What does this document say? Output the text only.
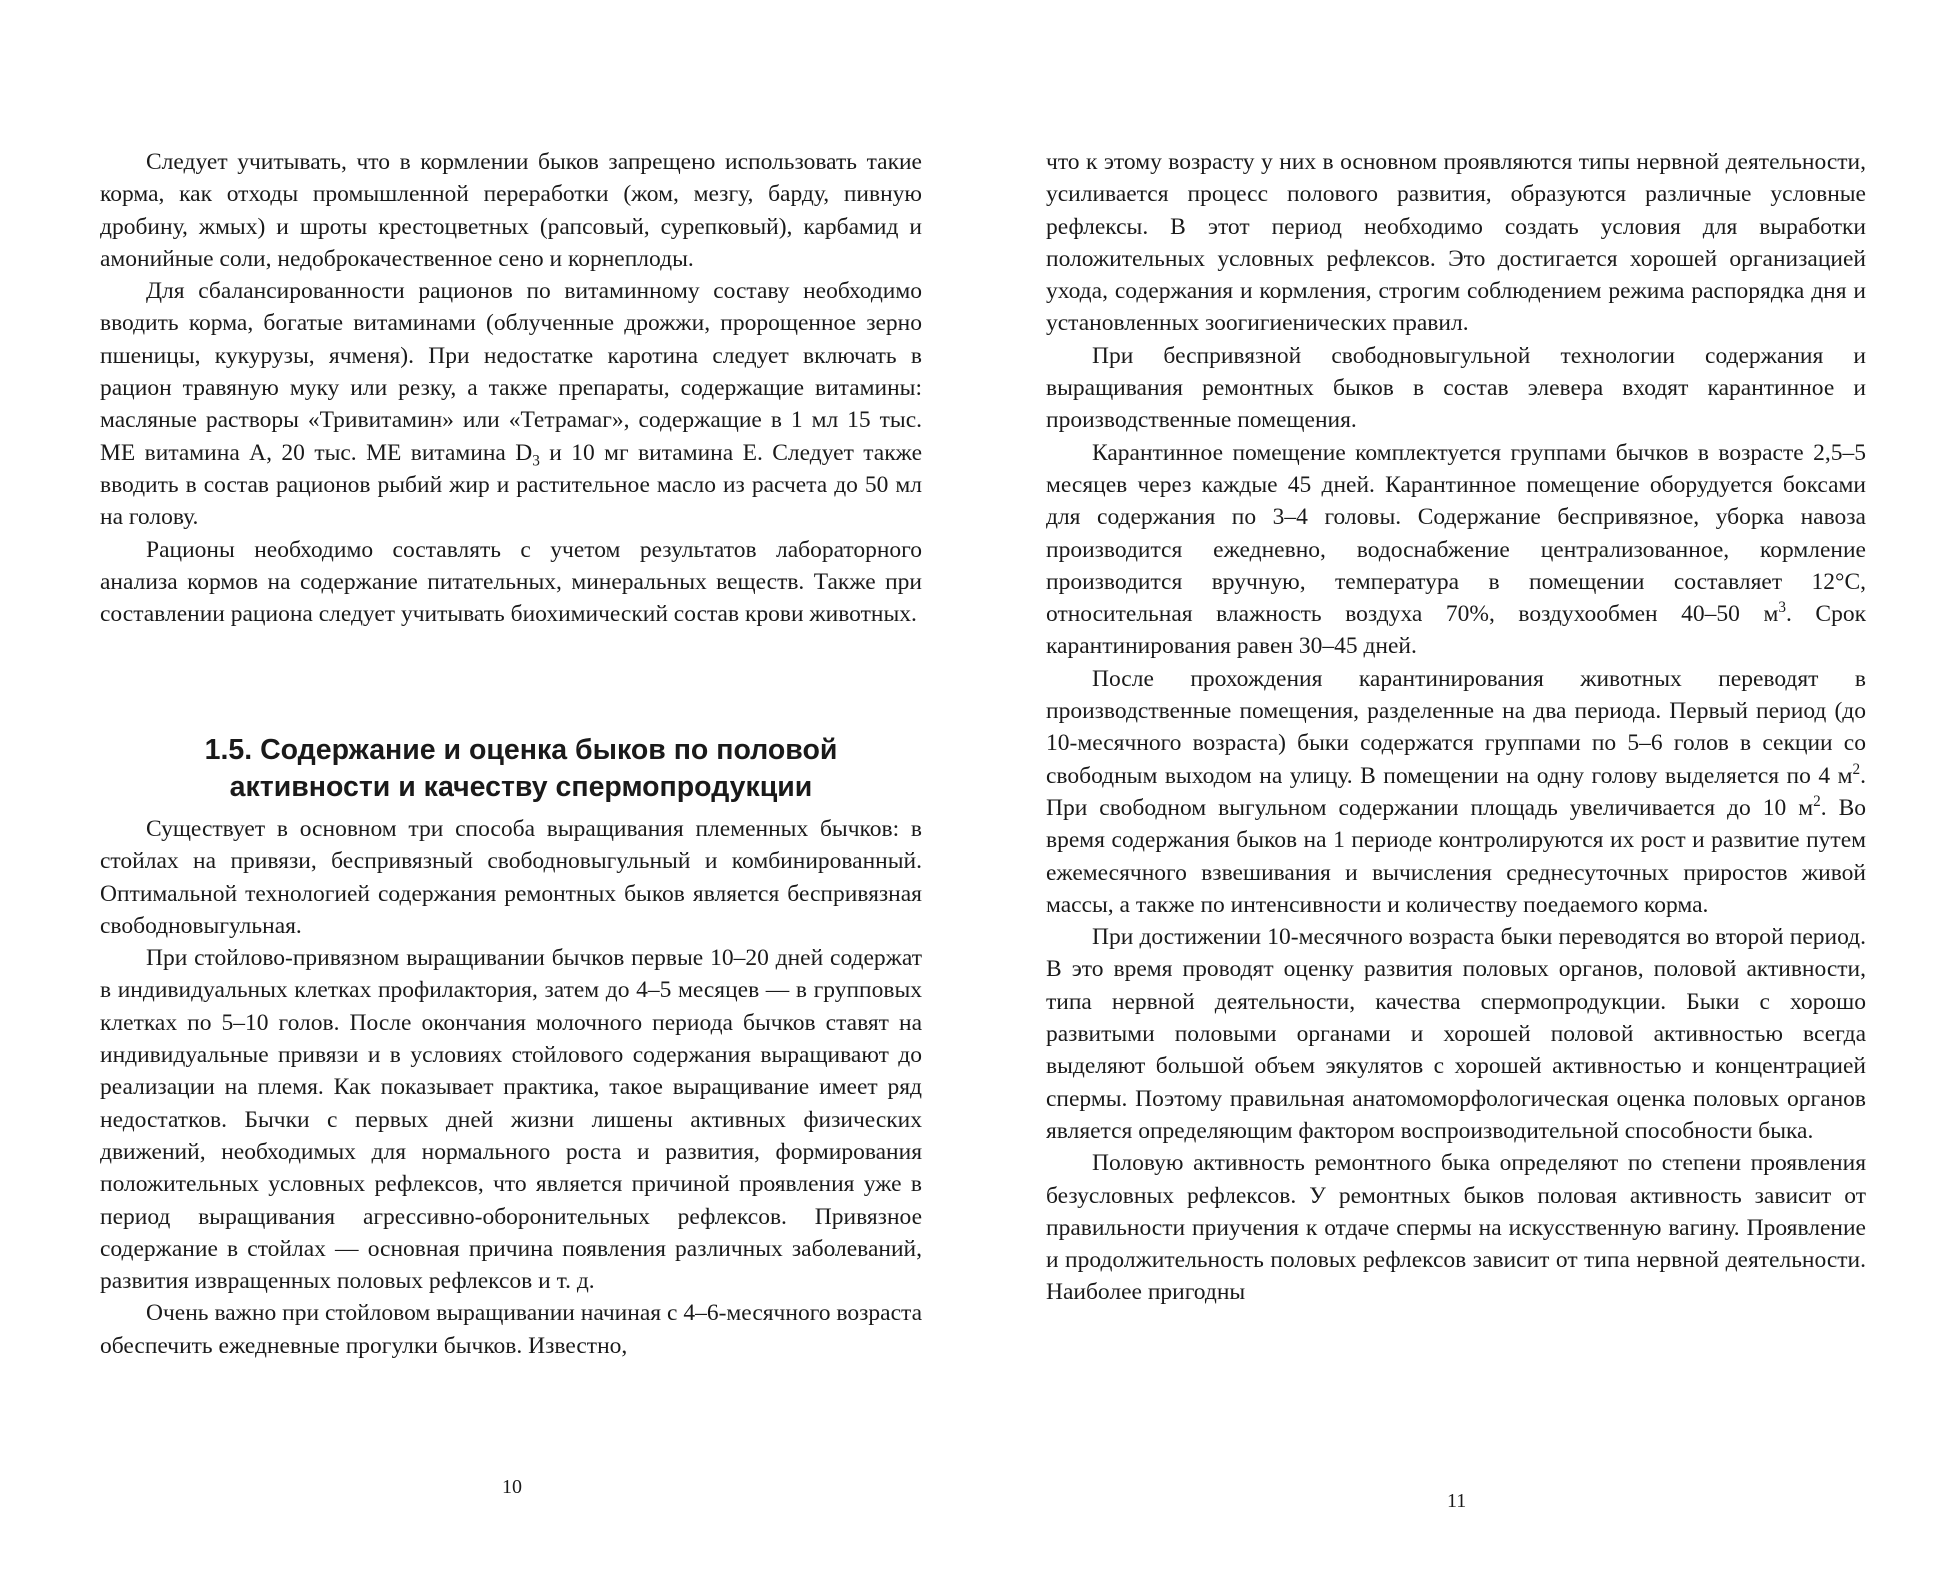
Следует учитывать, что в кормлении быков запрещено использовать такие корма, как отходы промышленной переработки (жом, мезгу, барду, пивную дробину, жмых) и шроты крестоцветных (рапсовый, сурепковый), карбамид и амонийные соли, недоброкачественное сено и корнеплоды.

Для сбалансированности рационов по витаминному составу необходимо вводить корма, богатые витаминами (облученные дрожжи, пророщенное зерно пшеницы, кукурузы, ячменя). При недостатке каротина следует включать в рацион травяную муку или резку, а также препараты, содержащие витамины: масляные растворы «Тривитамин» или «Тетрамаг», содержащие в 1 мл 15 тыс. МЕ витамина А, 20 тыс. МЕ витамина $D_3$ и 10 мг витамина Е. Следует также вводить в состав рационов рыбий жир и растительное масло из расчета до 50 мл на голову.

Рационы необходимо составлять с учетом результатов лабораторного анализа кормов на содержание питательных, минеральных веществ. Также при составлении рациона следует учитывать биохимический состав крови животных.

1.5. Содержание и оценка быков по половой
активности и качеству спермопродукции

Существует в основном три способа выращивания племенных бычков: в стойлах на привязи, беспривязный свободновыгульный и комбинированный. Оптимальной технологией содержания ремонтных быков является беспривязная свободновыгульная.

При стойлово-привязном выращивании бычков первые 10–20 дней содержат в индивидуальных клетках профилактория, затем до 4–5 месяцев — в групповых клетках по 5–10 голов. После окончания молочного периода бычков ставят на индивидуальные привязи и в условиях стойлового содержания выращивают до реализации на племя. Как показывает практика, такое выращивание имеет ряд недостатков. Бычки с первых дней жизни лишены активных физических движений, необходимых для нормального роста и развития, формирования положительных условных рефлексов, что является причиной проявления уже в период выращивания агрессивно-оборонительных рефлексов. Привязное содержание в стойлах — основная причина появления различных заболеваний, развития извращенных половых рефлексов и т. д.

Очень важно при стойловом выращивании начиная с 4–6-месячного возраста обеспечить ежедневные прогулки бычков. Известно,

10

что к этому возрасту у них в основном проявляются типы нервной деятельности, усиливается процесс полового развития, образуются различные условные рефлексы. В этот период необходимо создать условия для выработки положительных условных рефлексов. Это достигается хорошей организацией ухода, содержания и кормления, строгим соблюдением режима распорядка дня и установленных зоогигиенических правил.

При беспривязной свободновыгульной технологии содержания и выращивания ремонтных быков в состав элевера входят карантинное и производственные помещения.

Карантинное помещение комплектуется группами бычков в возрасте 2,5–5 месяцев через каждые 45 дней. Карантинное помещение оборудуется боксами для содержания по 3–4 головы. Содержание беспривязное, уборка навоза производится ежедневно, водоснабжение централизованное, кормление производится вручную, температура в помещении составляет 12°С, относительная влажность воздуха 70%, воздухообмен 40–50 $м^3$. Срок карантинирования равен 30–45 дней.

После прохождения карантинирования животных переводят в производственные помещения, разделенные на два периода. Первый период (до 10-месячного возраста) быки содержатся группами по 5–6 голов в секции со свободным выходом на улицу. В помещении на одну голову выделяется по 4 $м^2$. При свободном выгульном содержании площадь увеличивается до 10 $м^2$. Во время содержания быков на 1 периоде контролируются их рост и развитие путем ежемесячного взвешивания и вычисления среднесуточных приростов живой массы, а также по интенсивности и количеству поедаемого корма.

При достижении 10-месячного возраста быки переводятся во второй период. В это время проводят оценку развития половых органов, половой активности, типа нервной деятельности, качества спермопродукции. Быки с хорошо развитыми половыми органами и хорошей половой активностью всегда выделяют большой объем эякулятов с хорошей активностью и концентрацией спермы. Поэтому правильная анатомоморфологическая оценка половых органов является определяющим фактором воспроизводительной способности быка.

Половую активность ремонтного быка определяют по степени проявления безусловных рефлексов. У ремонтных быков половая активность зависит от правильности приучения к отдаче спермы на искусственную вагину. Проявление и продолжительность половых рефлексов зависит от типа нервной деятельности. Наиболее пригодны

11
